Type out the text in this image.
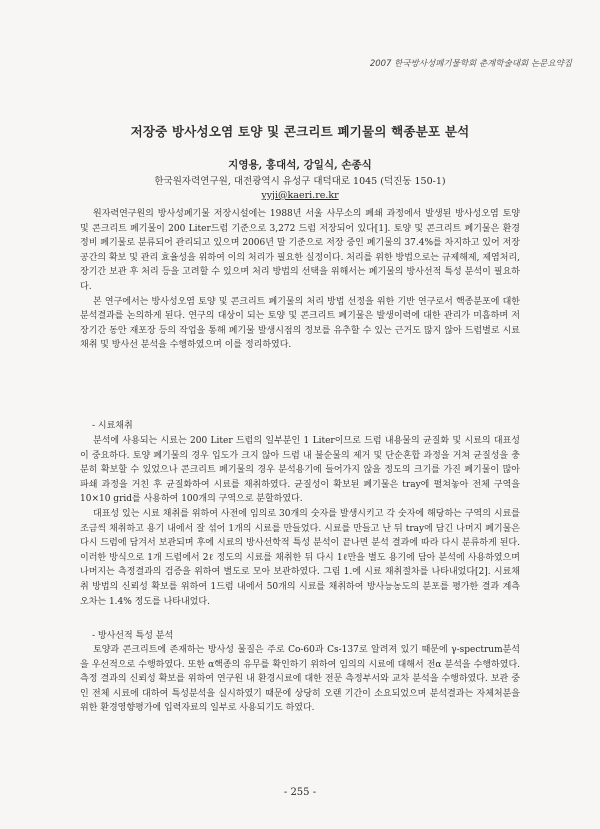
2007 한국방사성폐기물학회 춘계학술대회 논문요약집
저장중 방사성오염 토양 및 콘크리트 폐기물의 핵종분포 분석
지영용, 홍대석, 강일식, 손종식
한국원자력연구원, 대전광역시 유성구 대덕대로 1045 (덕진동 150-1)
yyji@kaeri.re.kr

원자력연구원의 방사성폐기물 저장시설에는 1988년 서울 사무소의 폐쇄 과정에서 발생된 방사성오염 토양 및 콘크리트 폐기물이 200 Liter드럼 기준으로 3,272 드럼 저장되어 있다[1]. 토양 및 콘크리트 폐기물은 환경정비 폐기물로 분류되어 관리되고 있으며 2006년 말 기준으로 저장 중인 폐기물의 37.4%를 차지하고 있어 저장 공간의 확보 및 관리 효율성을 위하여 이의 처리가 필요한 실정이다. 처리를 위한 방법으로는 규제해제, 제염처리, 장기간 보관 후 처리 등을 고려할 수 있으며 처리 방법의 선택을 위해서는 폐기물의 방사선적 특성 분석이 필요하다.

본 연구에서는 방사성오염 토양 및 콘크리트 폐기물의 처리 방법 선정을 위한 기반 연구로서 핵종분포에 대한 분석결과를 논의하게 된다. 연구의 대상이 되는 토양 및 콘크리트 폐기물은 발생이력에 대한 관리가 미흡하며 저장기간 동안 재포장 등의 작업을 통해 폐기물 발생시점의 정보를 유추할 수 있는 근거도 많지 않아 드럼별로 시료채취 및 방사선 분석을 수행하였으며 이를 정리하였다.

- 시료채취

분석에 사용되는 시료는 200 Liter 드럼의 일부분인 1 Liter이므로 드럼 내용물의 균질화 및 시료의 대표성이 중요하다. 토양 폐기물의 경우 입도가 크지 않아 드럼 내 불순물의 제거 및 단순혼합 과정을 거쳐 균질성을 충분히 확보할 수 있었으나 콘크리트 폐기물의 경우 분석용기에 들어가지 않을 정도의 크기를 가진 폐기물이 많아 파쇄 과정을 거친 후 균질화하여 시료를 채취하였다. 균질성이 확보된 폐기물은 tray에 펼쳐놓아 전체 구역을 10×10 grid를 사용하여 100개의 구역으로 분할하였다.

대표성 있는 시료 채취를 위하여 사전에 임의로 30개의 숫자를 발생시키고 각 숫자에 해당하는 구역의 시료를 조금씩 채취하고 용기 내에서 잘 섞어 1개의 시료를 만들었다. 시료를 만들고 난 뒤 tray에 담긴 나머지 폐기물은 다시 드럼에 담겨서 보관되며 후에 시료의 방사선학적 특성 분석이 끝나면 분석 결과에 따라 다시 분류하게 된다. 이러한 방식으로 1개 드럼에서 2ℓ 정도의 시료를 채취한 뒤 다시 1ℓ만을 별도 용기에 담아 분석에 사용하였으며 나머지는 측정결과의 검증을 위하여 별도로 모아 보관하였다. 그림 1.에 시료 채취절차를 나타내었다[2]. 시료채취 방법의 신뢰성 확보를 위하여 1드럼 내에서 50개의 시료를 채취하여 방사능농도의 분포를 평가한 결과 계측 오차는 1.4% 정도를 나타내었다.

- 방사선적 특성 분석

토양과 콘크리트에 존재하는 방사성 물질은 주로 Co-60과 Cs-137로 알려져 있기 때문에 γ-spectrum분석을 우선적으로 수행하였다. 또한 α핵종의 유무를 확인하기 위하여 임의의 시료에 대해서 전α 분석을 수행하였다. 측정 결과의 신뢰성 확보를 위하여 연구원 내 환경시료에 대한 전문 측정부서와 교차 분석을 수행하였다. 보관 중인 전체 시료에 대하여 특성분석을 실시하였기 때문에 상당히 오랜 기간이 소요되었으며 분석결과는 자체처분을 위한 환경영향평가에 입력자료의 일부로 사용되기도 하였다.

- 255 -
